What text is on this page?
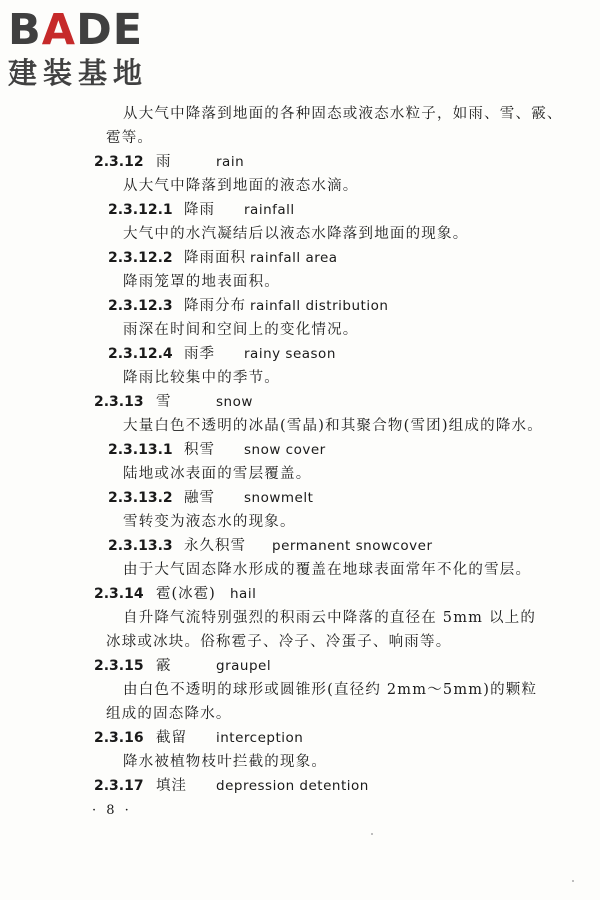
BADE
建装基地
从大气中降落到地面的各种固态或液态水粒子，如雨、雪、霰、
雹等。
2.3.12 雨	rain
从大气中降落到地面的液态水滴。
2.3.12.1 降雨 rainfall
大气中的水汽凝结后以液态水降落到地面的现象。
2.3.12.2 降雨面积 rainfall area
降雨笼罩的地表面积。
2.3.12.3 降雨分布 rainfall distribution
雨深在时间和空间上的变化情况。
2.3.12.4 雨季 rainy season
降雨比较集中的季节。
2.3.13 雪	snow
大量白色不透明的冰晶(雪晶)和其聚合物(雪团)组成的降水。
2.3.13.1 积雪 snow cover
陆地或冰表面的雪层覆盖。
2.3.13.2 融雪 snowmelt
雪转变为液态水的现象。
2.3.13.3 永久积雪 permanent snowcover
由于大气固态降水形成的覆盖在地球表面常年不化的雪层。
2.3.14 雹(冰雹) hail
自升降气流特别强烈的积雨云中降落的直径在 5mm 以上的
冰球或冰块。俗称雹子、冷子、冷蛋子、响雨等。
2.3.15 霰	graupel
由白色不透明的球形或圆锥形(直径约 2mm～5mm)的颗粒
组成的固态降水。
2.3.16 截留 interception
降水被植物枝叶拦截的现象。
2.3.17 填洼 depression detention
· 8 ·
